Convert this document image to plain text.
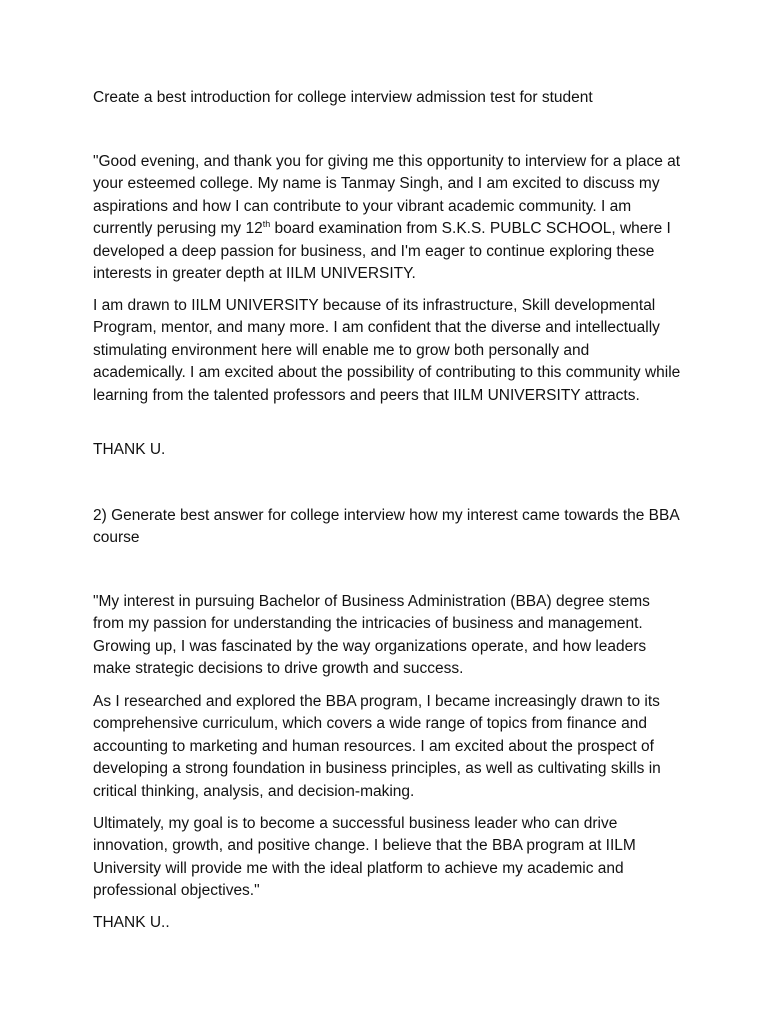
Create a best introduction for college interview admission test for student

"Good evening, and thank you for giving me this opportunity to interview for a place at your esteemed college. My name is Tanmay Singh, and I am excited to discuss my aspirations and how I can contribute to your vibrant academic community. I am currently perusing my 12th board examination from S.K.S. PUBLC SCHOOL, where I developed a deep passion for business, and I'm eager to continue exploring these interests in greater depth at IILM UNIVERSITY.

I am drawn to IILM UNIVERSITY because of its infrastructure, Skill developmental Program, mentor, and many more. I am confident that the diverse and intellectually stimulating environment here will enable me to grow both personally and academically. I am excited about the possibility of contributing to this community while learning from the talented professors and peers that IILM UNIVERSITY attracts.

THANK U.

2) Generate best answer for college interview how my interest came towards the BBA course

"My interest in pursuing Bachelor of Business Administration (BBA) degree stems from my passion for understanding the intricacies of business and management. Growing up, I was fascinated by the way organizations operate, and how leaders make strategic decisions to drive growth and success.

As I researched and explored the BBA program, I became increasingly drawn to its comprehensive curriculum, which covers a wide range of topics from finance and accounting to marketing and human resources. I am excited about the prospect of developing a strong foundation in business principles, as well as cultivating skills in critical thinking, analysis, and decision-making.

Ultimately, my goal is to become a successful business leader who can drive innovation, growth, and positive change. I believe that the BBA program at IILM University will provide me with the ideal platform to achieve my academic and professional objectives."

THANK U..
